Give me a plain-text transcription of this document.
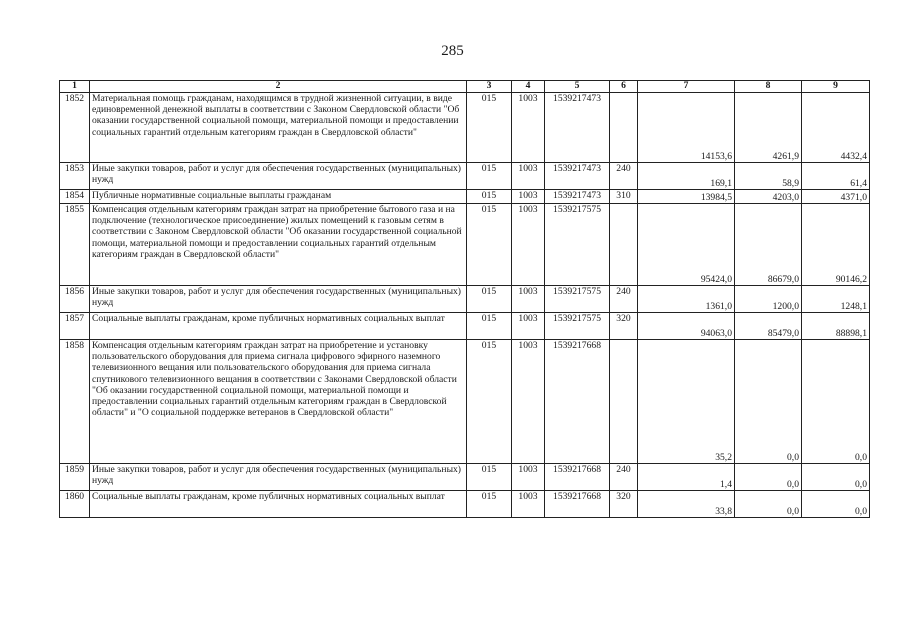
285
1	2	3	4	5	6	7	8	9
1852	Материальная помощь гражданам, находящимся в трудной жизненной ситуации, в виде единовременной денежной выплаты в соответствии с Законом Свердловской области "Об оказании государственной социальной помощи, материальной помощи и предоставлении социальных гарантий отдельным категориям граждан в Свердловской области"	015	1003	1539217473		14153,6	4261,9	4432,4
1853	Иные закупки товаров, работ и услуг для обеспечения государственных (муниципальных) нужд	015	1003	1539217473	240	169,1	58,9	61,4
1854	Публичные нормативные социальные выплаты гражданам	015	1003	1539217473	310	13984,5	4203,0	4371,0
1855	Компенсация отдельным категориям граждан затрат на приобретение бытового газа и на подключение (технологическое присоединение) жилых помещений к газовым сетям в соответствии с Законом Свердловской области "Об оказании государственной социальной помощи, материальной помощи и предоставлении социальных гарантий отдельным категориям граждан в Свердловской области"	015	1003	1539217575		95424,0	86679,0	90146,2
1856	Иные закупки товаров, работ и услуг для обеспечения государственных (муниципальных) нужд	015	1003	1539217575	240	1361,0	1200,0	1248,1
1857	Социальные выплаты гражданам, кроме публичных нормативных социальных выплат	015	1003	1539217575	320	94063,0	85479,0	88898,1
1858	Компенсация отдельным категориям граждан затрат на приобретение и установку пользовательского оборудования для приема сигнала цифрового эфирного наземного телевизионного вещания или пользовательского оборудования для приема сигнала спутникового телевизионного вещания в соответствии с Законами Свердловской области "Об оказании государственной социальной помощи, материальной помощи и предоставлении социальных гарантий отдельным категориям граждан в Свердловской области" и "О социальной поддержке ветеранов в Свердловской области"	015	1003	1539217668		35,2	0,0	0,0
1859	Иные закупки товаров, работ и услуг для обеспечения государственных (муниципальных) нужд	015	1003	1539217668	240	1,4	0,0	0,0
1860	Социальные выплаты гражданам, кроме публичных нормативных социальных выплат	015	1003	1539217668	320	33,8	0,0	0,0
